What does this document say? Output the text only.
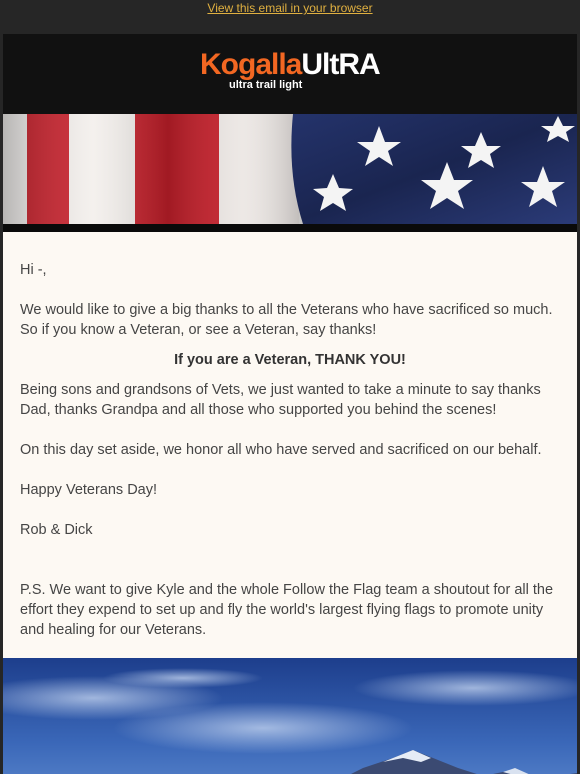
View this email in your browser
KogallaUltRA
ultra trail light

Hi -,

We would like to give a big thanks to all the Veterans who have sacrificed so much. So if you know a Veteran, or see a Veteran, say thanks!

If you are a Veteran, THANK YOU!

Being sons and grandsons of Vets, we just wanted to take a minute to say thanks
Dad, thanks Grandpa and all those who supported you behind the scenes!

On this day set aside, we honor all who have served and sacrificed on our behalf.

Happy Veterans Day!

Rob & Dick

P.S. We want to give Kyle and the whole Follow the Flag team a shoutout for all the effort they expend to set up and fly the world's largest flying flags to promote unity and healing for our Veterans.
